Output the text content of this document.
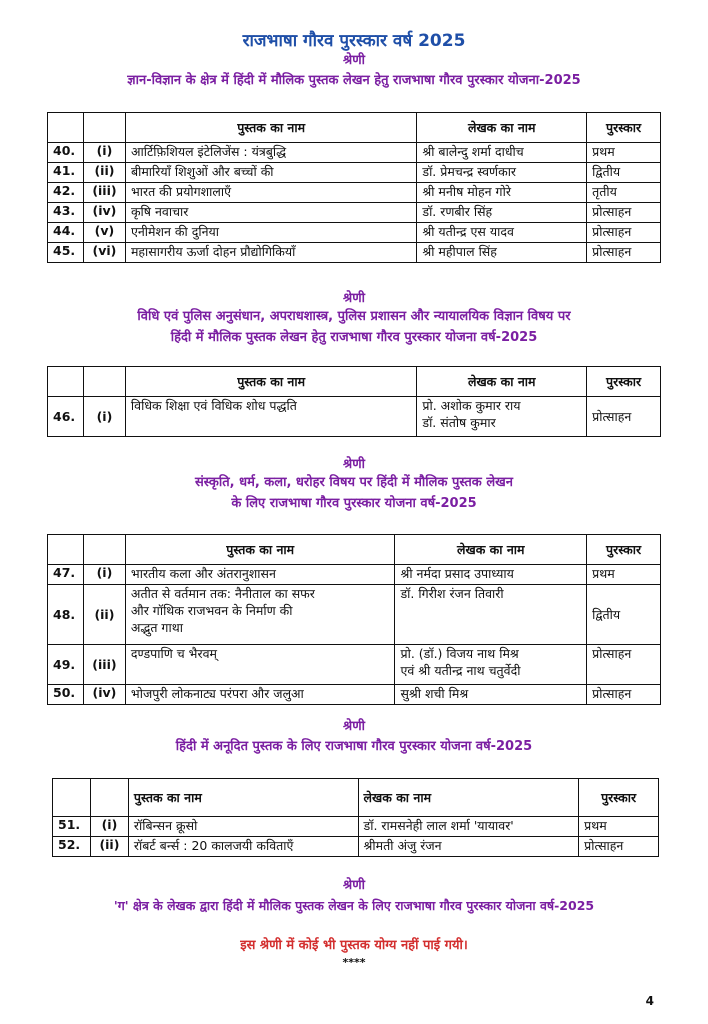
राजभाषा गौरव पुरस्कार वर्ष 2025
श्रेणी
ज्ञान-विज्ञान के क्षेत्र में हिंदी में मौलिक पुस्तक लेखन हेतु राजभाषा गौरव पुरस्कार योजना-2025
		पुस्तक का नाम	लेखक का नाम	पुरस्कार
40.	(i)	आर्टिफ़िशियल इंटेलिजेंस : यंत्रबुद्धि	श्री बालेन्दु शर्मा दाधीच	प्रथम
41.	(ii)	बीमारियाँ शिशुओं और बच्चों की	डॉ. प्रेमचन्द्र स्वर्णकार	द्वितीय
42.	(iii)	भारत की प्रयोगशालाएँ	श्री मनीष मोहन गोरे	तृतीय
43.	(iv)	कृषि नवाचार	डॉ. रणबीर सिंह	प्रोत्साहन
44.	(v)	एनीमेशन की दुनिया	श्री यतीन्द्र एस यादव	प्रोत्साहन
45.	(vi)	महासागरीय ऊर्जा दोहन प्रौद्योगिकियाँ	श्री महीपाल सिंह	प्रोत्साहन
श्रेणी
विधि एवं पुलिस अनुसंधान, अपराधशास्त्र, पुलिस प्रशासन और न्यायालयिक विज्ञान विषय पर
हिंदी में मौलिक पुस्तक लेखन हेतु राजभाषा गौरव पुरस्कार योजना वर्ष-2025
		पुस्तक का नाम	लेखक का नाम	पुरस्कार
46.	(i)	विधिक शिक्षा एवं विधिक शोध पद्धति	प्रो. अशोक कुमार राय
डॉ. संतोष कुमार	प्रोत्साहन
श्रेणी
संस्कृति, धर्म, कला, धरोहर विषय पर हिंदी में मौलिक पुस्तक लेखन
के लिए राजभाषा गौरव पुरस्कार योजना वर्ष-2025
		पुस्तक का नाम	लेखक का नाम	पुरस्कार
47.	(i)	भारतीय कला और अंतरानुशासन	श्री नर्मदा प्रसाद उपाध्याय	प्रथम
48.	(ii)	अतीत से वर्तमान तक: नैनीताल का सफर
और गॉथिक राजभवन के निर्माण की
अद्भुत गाथा	डॉ. गिरीश रंजन तिवारी	द्वितीय
49.	(iii)	दण्डपाणि च भैरवम्	प्रो. (डॉ.) विजय नाथ मिश्र
एवं श्री यतीन्द्र नाथ चतुर्वेदी	प्रोत्साहन
50.	(iv)	भोजपुरी लोकनाट्य परंपरा और जलुआ	सुश्री शची मिश्र	प्रोत्साहन
श्रेणी
हिंदी में अनूदित पुस्तक के लिए राजभाषा गौरव पुरस्कार योजना वर्ष-2025
		पुस्तक का नाम	लेखक का नाम	पुरस्कार
51.	(i)	रॉबिन्सन क्रूसो	डॉ. रामसनेही लाल शर्मा 'यायावर'	प्रथम
52.	(ii)	रॉबर्ट बर्न्स : 20 कालजयी कविताएँ	श्रीमती अंजु रंजन	प्रोत्साहन
श्रेणी
'ग' क्षेत्र के लेखक द्वारा हिंदी में मौलिक पुस्तक लेखन के लिए राजभाषा गौरव पुरस्कार योजना वर्ष-2025
इस श्रेणी में कोई भी पुस्तक योग्य नहीं पाई गयी।
****
4
